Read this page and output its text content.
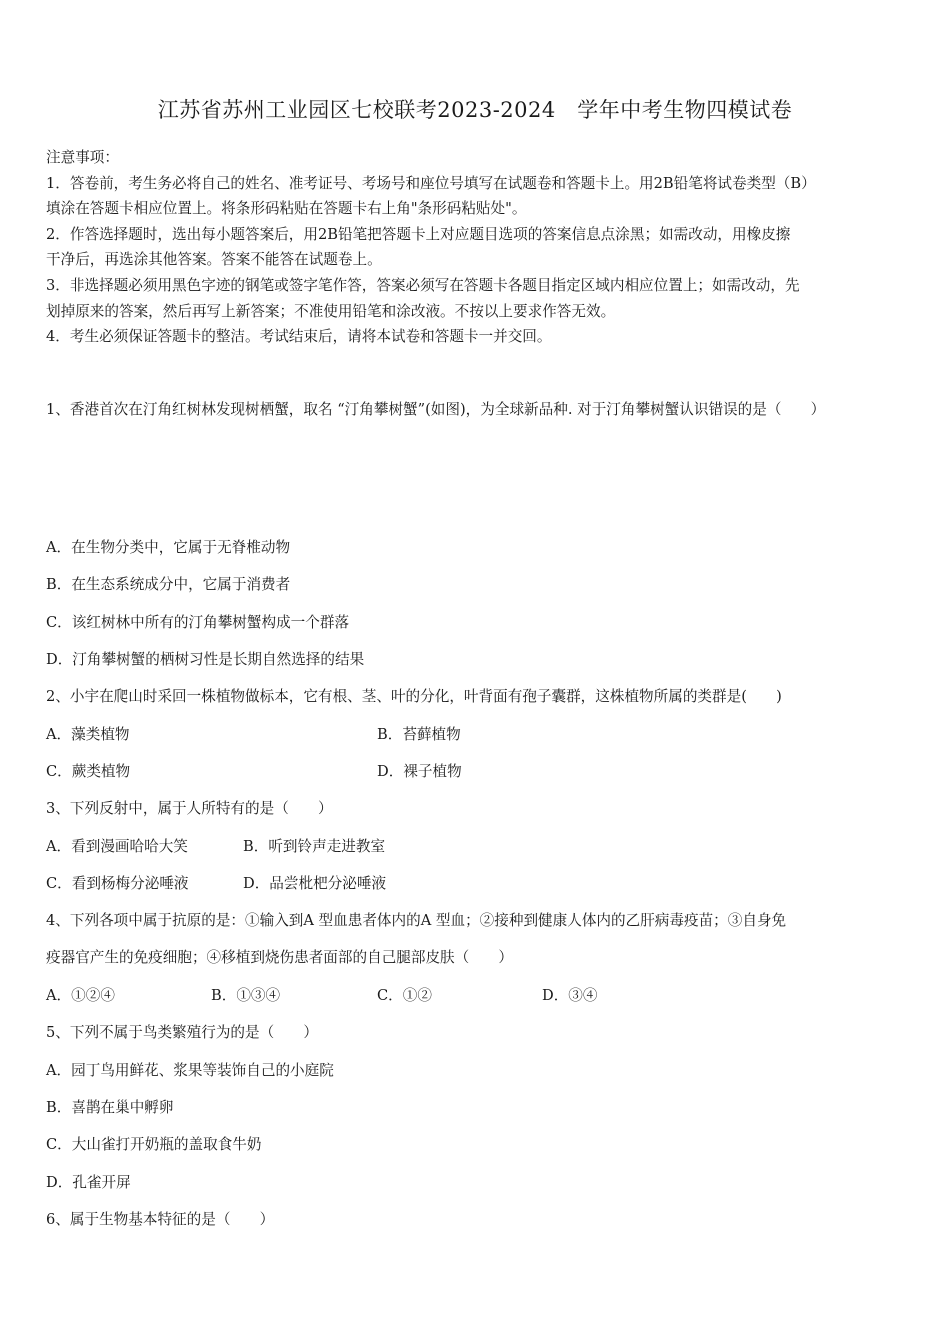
江苏省苏州工业园区七校联考2023-2024　学年中考生物四模试卷
注意事项：
1．答卷前，考生务必将自己的姓名、准考证号、考场号和座位号填写在试题卷和答题卡上。用2B铅笔将试卷类型（B）
填涂在答题卡相应位置上。将条形码粘贴在答题卡右上角"条形码粘贴处"。
2．作答选择题时，选出每小题答案后，用2B铅笔把答题卡上对应题目选项的答案信息点涂黑；如需改动，用橡皮擦
干净后，再选涂其他答案。答案不能答在试题卷上。
3．非选择题必须用黑色字迹的钢笔或签字笔作答，答案必须写在答题卡各题目指定区域内相应位置上；如需改动，先
划掉原来的答案，然后再写上新答案；不准使用铅笔和涂改液。不按以上要求作答无效。
4．考生必须保证答题卡的整洁。考试结束后，请将本试卷和答题卡一并交回。
1、香港首次在汀角红树林发现树栖蟹，取名 “汀角攀树蟹”(如图)，为全球新品种. 对于汀角攀树蟹认识错误的是（　　）
A．在生物分类中，它属于无脊椎动物
B．在生态系统成分中，它属于消费者
C．该红树林中所有的汀角攀树蟹构成一个群落
D．汀角攀树蟹的栖树习性是长期自然选择的结果
2、小宇在爬山时采回一株植物做标本，它有根、茎、叶的分化，叶背面有孢子囊群，这株植物所属的类群是(　　)
A．藻类植物	B．苔藓植物
C．蕨类植物	D．裸子植物
3、下列反射中，属于人所特有的是（　　）
A．看到漫画哈哈大笑	B．听到铃声走进教室
C．看到杨梅分泌唾液	D．品尝枇杷分泌唾液
4、下列各项中属于抗原的是：①输入到A 型血患者体内的A 型血；②接种到健康人体内的乙肝病毒疫苗；③自身免
疫器官产生的免疫细胞；④移植到烧伤患者面部的自己腿部皮肤（　　）
A．①②④	B．①③④	C．①②	D．③④
5、下列不属于鸟类繁殖行为的是（　　）
A．园丁鸟用鲜花、浆果等装饰自己的小庭院
B．喜鹊在巢中孵卵
C．大山雀打开奶瓶的盖取食牛奶
D．孔雀开屏
6、属于生物基本特征的是（　　）
